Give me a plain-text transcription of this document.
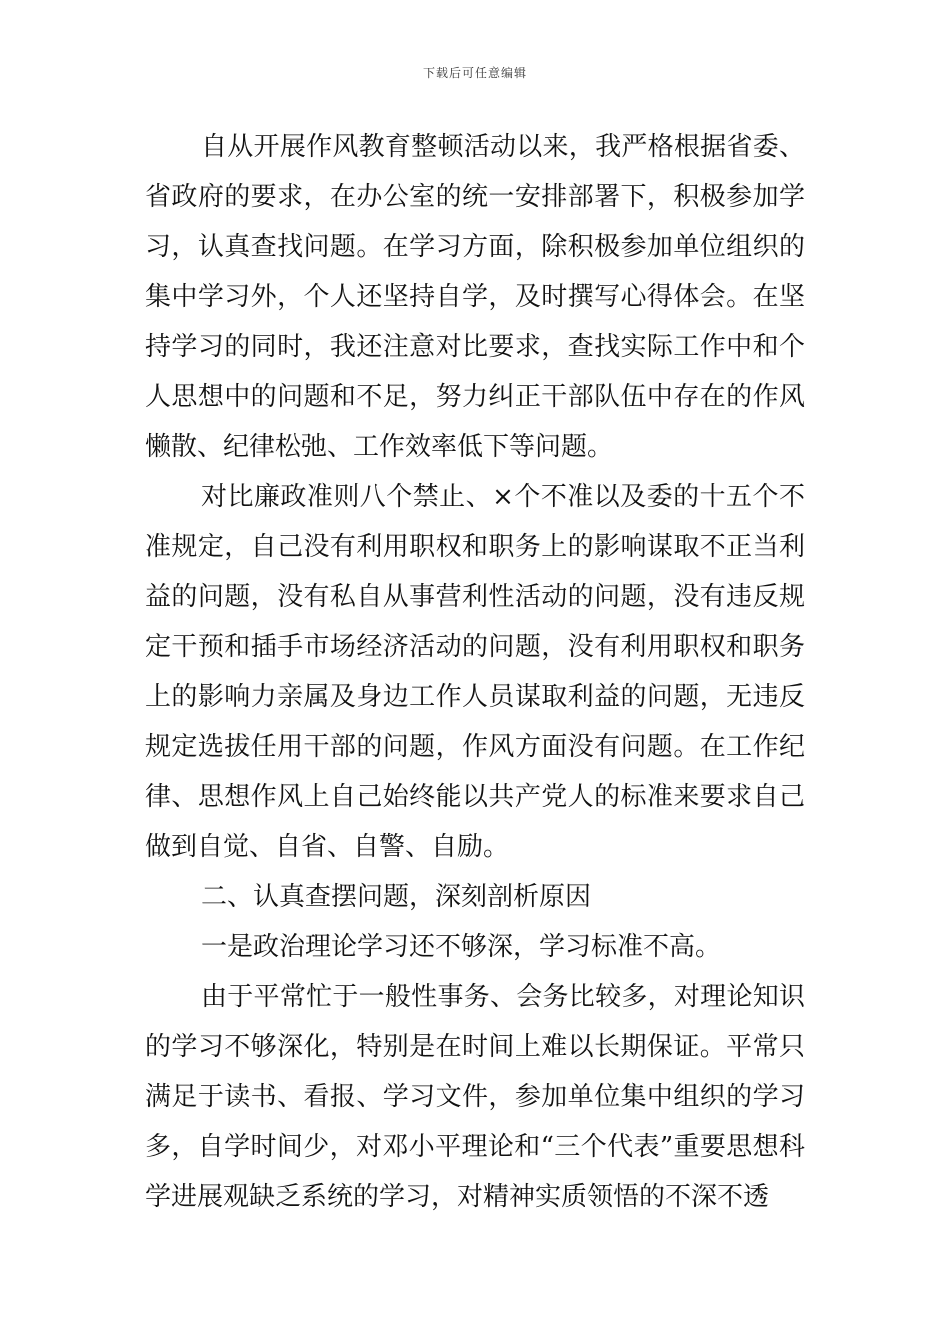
下载后可任意编辑

自从开展作风教育整顿活动以来，我严格根据省委、省政府的要求，在办公室的统一安排部署下，积极参加学习，认真查找问题。在学习方面，除积极参加单位组织的集中学习外，个人还坚持自学，及时撰写心得体会。在坚持学习的同时，我还注意对比要求，查找实际工作中和个人思想中的问题和不足，努力纠正干部队伍中存在的作风懒散、纪律松弛、工作效率低下等问题。

对比廉政准则八个禁止、×个不准以及委的十五个不准规定，自己没有利用职权和职务上的影响谋取不正当利益的问题，没有私自从事营利性活动的问题，没有违反规定干预和插手市场经济活动的问题，没有利用职权和职务上的影响力亲属及身边工作人员谋取利益的问题，无违反规定选拔任用干部的问题，作风方面没有问题。在工作纪律、思想作风上自己始终能以共产党人的标准来要求自己做到自觉、自省、自警、自励。

二、认真查摆问题，深刻剖析原因

一是政治理论学习还不够深，学习标准不高。

由于平常忙于一般性事务、会务比较多，对理论知识的学习不够深化，特别是在时间上难以长期保证。平常只满足于读书、看报、学习文件，参加单位集中组织的学习多，自学时间少，对邓小平理论和“三个代表”重要思想科学进展观缺乏系统的学习，对精神实质领悟的不深不透
